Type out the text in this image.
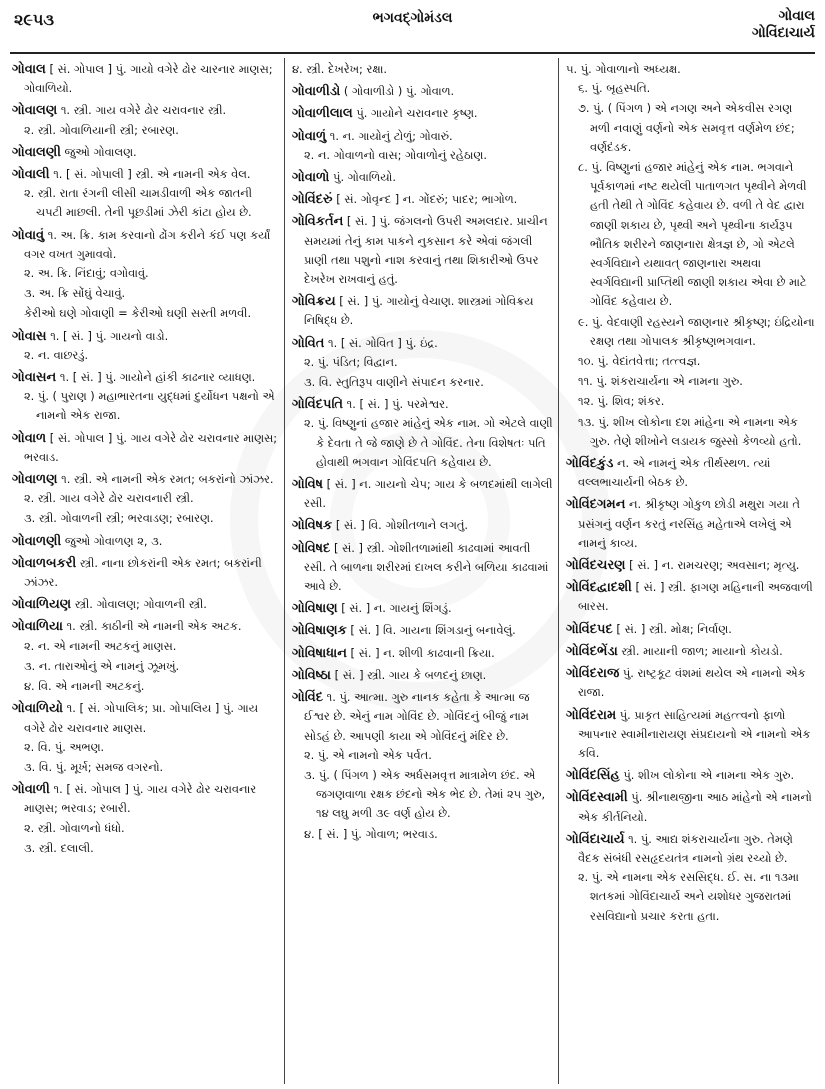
૨૯૫૩	ભગવદ્ગોમંડલ	ગોવાલ
ગોવિંદાચાર્ય
ગોવાલ [ સં. ગોપાલ ] પું. ગાયો વગેરે ઢોર ચારનાર માણસ; ગોવાળિયો.
ગોવાલણ ૧. સ્ત્રી. ગાય વગેરે ઢોર ચરાવનાર સ્ત્રી.
૨. સ્ત્રી. ગોવાળિયાની સ્ત્રી; રબારણ.
ગોવાલણી જુઓ ગોવાલણ.
ગોવાલી ૧. [ સં. ગોપાલી ] સ્ત્રી. એ નામની એક વેલ.
૨. સ્ત્રી. રાતા રંગની લીસી ચામડીવાળી એક જાતની ચપટી માછલી. તેની પૂછડીમાં ઝેરી કાંટા હોય છે.
ગોવાવું ૧. અ. ક્રિ. કામ કરવાનો ઢોંગ કરીને કંઈ પણ કર્યાં વગર વખત ગુમાવવો.
૨. અ. ક્રિ. નિંદાવું; વગોવાવું.
૩. અ. ક્રિ સોંઘું વેચાવું.
કેરીઓ ઘણે ગોવાણી = કેરીઓ ઘણી સસ્તી મળવી.
ગોવાસ ૧. [ સં. ] પું. ગાયનો વાડો.
૨. ન. વાછરડું.
ગોવાસન ૧. [ સં. ] પું. ગાયોને હાંકી કાઢનાર વ્યાધણ.
૨. પું. ( પુરાણ ) મહાભારતના યુદ્ધમાં દુર્યોધન પક્ષનો એ નામનો એક રાજા.
ગોવાળ [ સં. ગોપાલ ] પું. ગાય વગેરે ઢોર ચરાવનાર માણસ; ભરવાડ.
ગોવાળણ ૧. સ્ત્રી. એ નામની એક રમત; બકરાંનો ઝાંઝર.
૨. સ્ત્રી. ગાય વગેરે ઢોર ચરાવનારી સ્ત્રી.
૩. સ્ત્રી. ગોવાળની સ્ત્રી; ભરવાડણ; રબારણ.
ગોવાળણી જુઓ ગોવાળણ ૨, ૩.
ગોવાળબકરી સ્ત્રી. નાના છોકરાંની એક રમત; બકરાંની ઝાંઝર.
ગોવાળિયણ સ્ત્રી. ગોવાલણ; ગોવાળની સ્ત્રી.
ગોવાળિયા ૧. સ્ત્રી. કાઠીની એ નામની એક અટક.
૨. ન. એ નામની અટકનું માણસ.
૩. ન. તારાઓનું એ નામનું ઝૂમખું.
૪. વિ. એ નામની અટકનું.
ગોવાળિયો ૧. [ સં. ગોપાલિક; પ્રા. ગોપાલિય ] પું. ગાય વગેરે ઢોર ચરાવનાર માણસ.
૨. વિ. પું. અભણ.
૩. વિ. પું. મૂર્ખ; સમજ વગરનો.
ગોવાળી ૧. [ સં. ગોપાલ ] પું. ગાય વગેરે ઢોર ચરાવનાર માણસ; ભરવાડ; રબારી.
૨. સ્ત્રી. ગોવાળનો ધંધો.
૩. સ્ત્રી. દલાલી.
૪. સ્ત્રી. દેખરેખ; રક્ષા.
ગોવાળીડો ( ગોવાળીડો ) પું. ગોવાળ.
ગોવાળીલાલ પું. ગાયોને ચરાવનાર કૃષ્ણ.
ગોવાળું ૧. ન. ગાયોનું ટોળું; ગોવારું.
૨. ન. ગોવાળનો વાસ; ગોવાળોનું રહેઠાણ.
ગોવાળો પું. ગોવાળિયો.
ગોવિંદરું [ સં. ગોવૃન્દ ] ન. ગોંદરું; પાદર; ભાગોળ.
ગોવિકર્તન [ સં. ] પું. જંગલનો ઉપરી અમલદાર. પ્રાચીન સમયમાં તેનું કામ પાકને નુકસાન કરે એવાં જંગલી પ્રાણી તથા પશુનો નાશ કરવાનું તથા શિકારીઓ ઉપર દેખરેખ રાખવાનું હતું.
ગોવિક્રય [ સં. ] પું. ગાયોનું વેચાણ. શાસ્ત્રમાં ગોવિક્રય નિષિદ્ધ છે.
ગોવિત ૧. [ સં. ગોવિત ] પું. ઇંદ્ર.
૨. પું. પંડિત; વિદ્વાન.
૩. વિ. સ્તુતિરૂપ વાણીને સંપાદન કરનાર.
ગોવિંદપતિ ૧. [ સં. ] પું. પરમેશ્વર.
૨. પું. વિષ્ણુનાં હજાર માંહેનું એક નામ. ગો એટલે વાણી કે દેવતા તે જે જાણે છે તે ગોવિંદ. તેના વિશેષતઃ પતિ હોવાથી ભગવાન ગોવિંદપતિ કહેવાય છે.
ગોવિષ [ સં. ] ન. ગાયનો ચેપ; ગાય કે બળદમાંથી લાગેલી રસી.
ગોવિષક [ સં. ] વિ. ગોશીતળાને લગતું.
ગોવિષદ [ સં. ] સ્ત્રી. ગોશીતળામાંથી કાઢવામાં આવતી રસી. તે બાળના શરીરમાં દાખલ કરીને બળિયા કાઢવામાં આવે છે.
ગોવિષાણ [ સં. ] ન. ગાયનું શિંગડું.
ગોવિષાણક [ સં. ] વિ. ગાયના શિંગડાનું બનાવેલું.
ગોવિષાધાન [ સં. ] ન. શીળી કાઢવાની ક્રિયા.
ગોવિષ્ઠા [ સં. ] સ્ત્રી. ગાય કે બળદનું છાણ.
ગોવિંદ ૧. પું. આત્મા. ગુરુ નાનક કહેતા કે આત્મા જ ઈશ્વર છે. એનું નામ ગોવિંદ છે. ગોવિંદનું બીજું નામ સોઽહં છે. આપણી કાયા એ ગોવિંદનું મંદિર છે.
૨. પું. એ નામનો એક પર્વત.
૩. પું. ( પિંગળ ) એક અર્ધસમવૃત્ત માત્રામેળ છંદ. એ જગણવાળા રક્ષક છંદનો એક ભેદ છે. તેમાં ૨૫ ગુરુ, ૧૪ લઘુ મળી ૩૯ વર્ણ હોય છે.
૪. [ સં. ] પું. ગોવાળ; ભરવાડ.
૫. પું. ગોવાળાનો અધ્યક્ષ.
૬. પું. બૃહસ્પતિ.
૭. પું. ( પિંગળ ) એ નગણ અને એકવીસ રગણ મળી નવાણું વર્ણનો એક સમવૃત્ત વર્ણમેળ છંદ; વર્ણદંડક.
૮. પું. વિષ્ણુનાં હજાર માંહેનું એક નામ. ભગવાને પૂર્વકાળમાં નષ્ટ થયેલી પાતાળગત પૃથ્વીને મેળવી હતી તેથી તે ગોવિંદ કહેવાય છે. વળી તે વેદ દ્વારા જાણી શકાય છે, પૃથ્વી અને પૃથ્વીના કાર્યરૂપ ભૌતિક શરીરને જાણનારા ક્ષેત્રજ્ઞ છે, ગો એટલે સ્વર્ગવિદ્યાને યથાવત્ જાણનારા અથવા સ્વર્ગવિદ્યાની પ્રાપ્તિથી જાણી શકાય એવા છે માટે ગોવિંદ કહેવાય છે.
૯. પું. વેદવાણી રહસ્યને જાણનાર શ્રીકૃષ્ણ; ઇંદ્રિયોના રક્ષણ તથા ગોપાલક શ્રીકૃષ્ણભગવાન.
૧૦. પું. વેદાંતવેત્તા; તત્ત્વજ્ઞ.
૧૧. પું. શંકરાચાર્યના એ નામના ગુરુ.
૧૨. પું. શિવ; શંકર.
૧૩. પું. શીખ લોકોના દશ માંહેના એ નામના એક ગુરુ. તેણે શીખોને લડાયક જુસ્સો કેળવ્યો હતો.
ગોવિંદકુંડ ન. એ નામનું એક તીર્થસ્થળ. ત્યાં વલ્લભાચાર્યની બેઠક છે.
ગોવિંદગમન ન. શ્રીકૃષ્ણ ગોકુળ છોડી મથુરા ગયા તે પ્રસંગનું વર્ણન કરતું નરસિંહ મહેતાએ લખેલું એ નામનું કાવ્ય.
ગોવિંદચરણ [ સં. ] ન. રામચરણ; અવસાન; મૃત્યુ.
ગોવિંદદ્વાદશી [ સં. ] સ્ત્રી. ફાગણ મહિનાની અજવાળી બારસ.
ગોવિંદપદ [ સં. ] સ્ત્રી. મોક્ષ; નિર્વાણ.
ગોવિંદભેંડા સ્ત્રી. માયાની જાળ; માયાનો કોયડો.
ગોવિંદરાજ પું. રાષ્ટ્રકૂટ વંશમાં થયેલ એ નામનો એક રાજા.
ગોવિંદરામ પું. પ્રાકૃત સાહિત્યમાં મહત્ત્વનો ફાળો આપનાર સ્વામીનારાયણ સંપ્રદાયનો એ નામનો એક કવિ.
ગોવિંદસિંહ પું. શીખ લોકોના એ નામના એક ગુરુ.
ગોવિંદસ્વામી પું. શ્રીનાથજીના આઠ માંહેનો એ નામનો એક કીર્તનિયો.
ગોવિંદાચાર્ય ૧. પું. આદ્ય શંકરાચાર્યના ગુરુ. તેમણે વૈદક સંબંધી રસહૃદયતંત્ર નામનો ગ્રંથ રચ્યો છે.
૨. પું. એ નામના એક રસસિદ્ધ. ઈ. સ. ના ૧૩મા શતકમાં ગોવિંદાચાર્ય અને યશોધર ગુજરાતમાં રસવિદ્યાનો પ્રચાર કરતા હતા.
